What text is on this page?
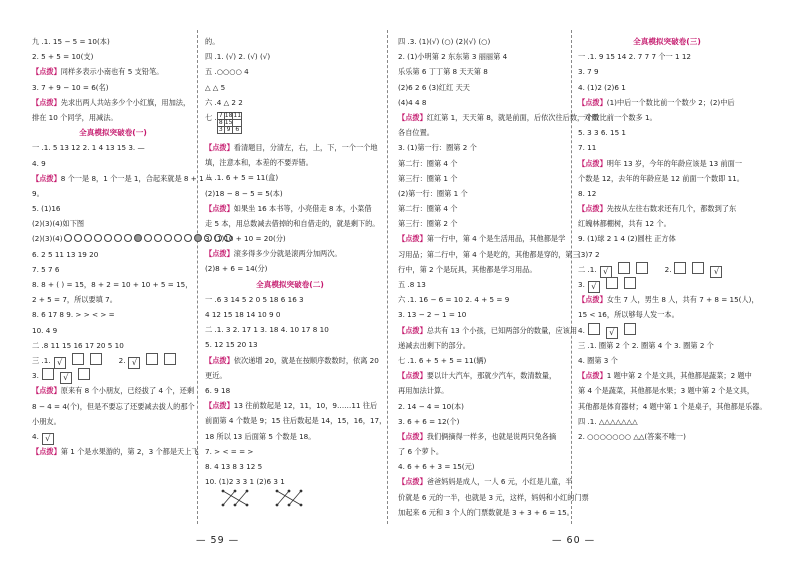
九 .1. 15 − 5 = 10(本)
2. 5 + 5 = 10(支)
【点拨】同样多表示小南也有 5 支铅笔。
3. 7 + 9 − 10 = 6(名)
【点拨】先求出两人共站多少个小红旗，用加法，
排在 10 个同学，用减法。
全真模拟突破卷(一)
一 .1. 5 13 12 2. 1 4 13 15 3. —
4. 9
【点拨】8 个一是 8，1 个一是 1，合起来就是 8 + 1 =
9。
5. (1)16
(2)(3)(4)如下图
(2)(3)(4)
6. 2 5 11 13 19 20
7. 5 7 6
8. 8 + ( ) = 15，8 + 2 = 10 + 10 + 5 = 15，
2 + 5 = 7，所以要填 7。
8. 6 17 8 9. > > < > =
10. 4 9
二 .8 11 15 16 17 20 5 10
三 .1. √	2. √
3.	√
【点拨】原来有 8 个小朋友，已经拔了 4 个，还剩
8 − 4 = 4(个)，但是不要忘了还要减去拔人的那个
小朋友。
4. √
【点拨】第 1 个是水果游的，第 2，3 个都是天上飞
的。
四 .1. (√) 2. (√) (√)
五 .○○○○ 4
△ △ 5
六 .4 △ 2 2
七 . 7	18	11
8	15	
3	9	6
【点拨】看清题目，分清左，右，上，下，一个一个地
填，注意本和，本差的不要弄错。
八 .1. 6 + 5 = 11(盒)
(2)18 − 8 − 5 = 5(本)
【点拨】如果坐 16 本书等，小亮借走 8 本，小菜借
走 5 本，用总数减去借掉的和自借走的，就是剩下的。
3. (1)10 + 10 = 20(分)
【点拨】滚多得多少分就是滚两分加两次。
(2)8 + 6 = 14(分)
全真模拟突破卷(二)
一 .6 3 14 5 2 0 5 18 6 16 3
4 12 15 18 14 10 9 0
二 .1. 3 2. 17 1 3. 18 4. 10 17 8 10
5. 12 15 20 13
【点拨】依次递增 20，就是在按顺序数数时，依离 20
更近。
6. 9 18
【点拨】13 往前数起是 12，11，10，9……11 往后
前面第 4 个数是 9；15 往后数起是 14，15，16，17，
18 所以 13 后面第 5 个数是 18。
7. > < = = >
8. 4 13 8 3 12 5
10. (1)2 3 3 1 (2)6 3 1
四 .3. (1)(√) (○) (2)(√) (○)
2. (1)小明第 2 东东第 3 丽丽第 4
乐乐第 6 丁丁第 8 天天第 8
(2)6 2 6 (3)红红 天天
(4)4 4 8
【点拨】红红第 1，天天第 8，就是前面，后依次往后数，对照
各自位置。
3. (1)第一行：圈第 2 个
第二行：圈第 4 个
第三行：圈第 1 个
(2)第一行：圈第 1 个
第二行：圈第 4 个
第三行：圈第 2 个
【点拨】第一行中，第 4 个是生活用品，其他都是学
习用品；第二行中，第 4 个是吃的，其他都是穿的，第三
行中，第 2 个是玩具，其他都是学习用品。
五 .8 13
六 .1. 16 − 6 = 10 2. 4 + 5 = 9
3. 13 − 2 − 1 = 10
【点拨】总共有 13 个小孩，已知两部分的数量，应该用
递减去出剩下的部分。
七 .1. 6 + 5 + 5 = 11(辆)
【点拨】要以计大汽车，那就少汽车，数清数量，
再用加法计算。
2. 14 − 4 = 10(本)
3. 6 + 6 = 12(个)
【点拨】我们俩摘得一样多，也就是说两只兔各摘
了 6 个萝卜。
4. 6 + 6 + 3 = 15(元)
【点拨】爸爸妈妈是成人，一人 6 元，小红是儿童，半
价就是 6 元的一半，也就是 3 元，这样，妈妈和小红的门票
加起来 6 元和 3 个人的门票数就是 3 + 3 + 6 = 15。
全真模拟突破卷(三)
一 .1. 9 15 14 2. 7 7 7 个一 1 12
3. 7 9
4. (1)2 (2)6 1
【点拨】(1)中后一个数比前一个数少 2；(2)中后
一个数比前一个数多 1。
5. 3 3 6. 15 1
7. 11
【点拨】明年 13 岁，今年的年龄应该是 13 前面一
个数是 12，去年的年龄应是 12 前面一个数即 11。
8. 12
【点拨】先按从左往右数求还有几个，都数到了东
红魄林都棚树，共有 12 个。
9. (1)球 2 1 4 (2)圆柱 正方体
(3)7 2
二 .1. √	2.	√
3. √
【点拨】女生 7 人，男生 8 人，共有 7 + 8 = 15(人)，
15 < 16，所以够每人发一本。
4.	√
三 .1. 圈第 2 个 2. 圈第 4 个 3. 圈第 2 个
4. 圈第 3 个
【点拨】1 题中第 2 个是文具，其他都是蔬菜；2 题中
第 4 个是蔬菜，其他都是水果；3 题中第 2 个是文具，
其他都是体育器材；4 题中第 1 个是桌子，其他都是乐器。
四 .1. △△△△△△△
2. ○○○○○○○ △△(答案不唯一)
— 59 —	— 60 —
